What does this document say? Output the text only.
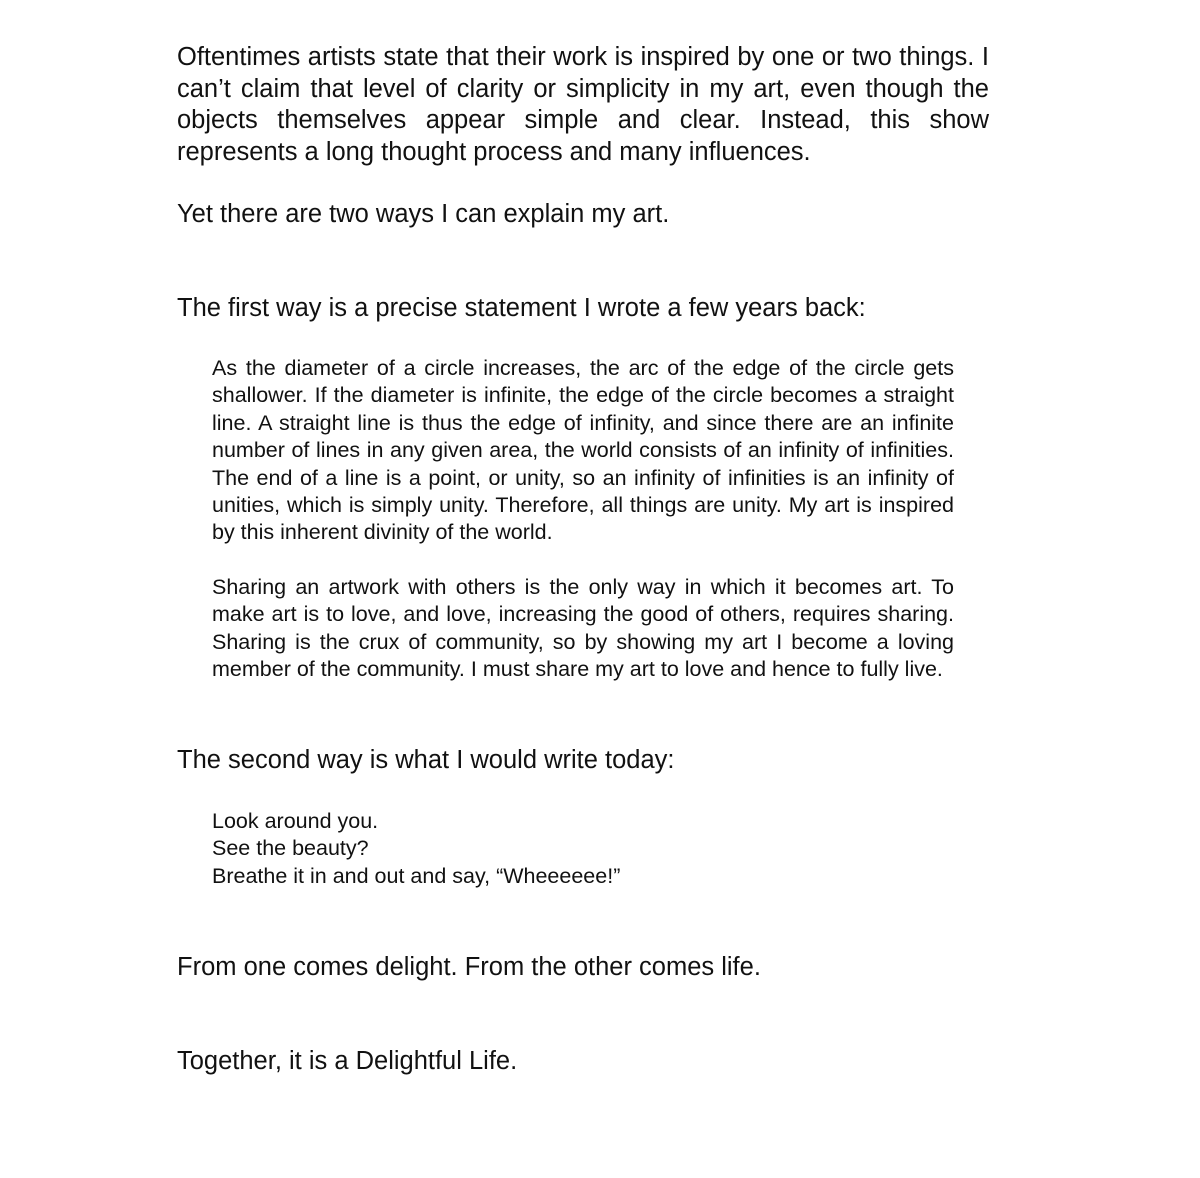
Oftentimes artists state that their work is inspired by one or two things. I can’t claim that level of clarity or simplicity in my art, even though the objects themselves appear simple and clear. Instead, this show represents a long thought process and many influences.

Yet there are two ways I can explain my art.

The first way is a precise statement I wrote a few years back:

As the diameter of a circle increases, the arc of the edge of the circle gets shallower. If the diameter is infinite, the edge of the circle becomes a straight line. A straight line is thus the edge of infinity, and since there are an infinite number of lines in any given area, the world consists of an infinity of infinities. The end of a line is a point, or unity, so an infinity of infinities is an infinity of unities, which is simply unity. Therefore, all things are unity. My art is inspired by this inherent divinity of the world.

Sharing an artwork with others is the only way in which it becomes art. To make art is to love, and love, increasing the good of others, requires sharing. Sharing is the crux of community, so by showing my art I become a loving member of the community. I must share my art to love and hence to fully live.

The second way is what I would write today:

Look around you.
See the beauty?
Breathe it in and out and say, “Wheeeeee!”

From one comes delight. From the other comes life.

Together, it is a Delightful Life.
